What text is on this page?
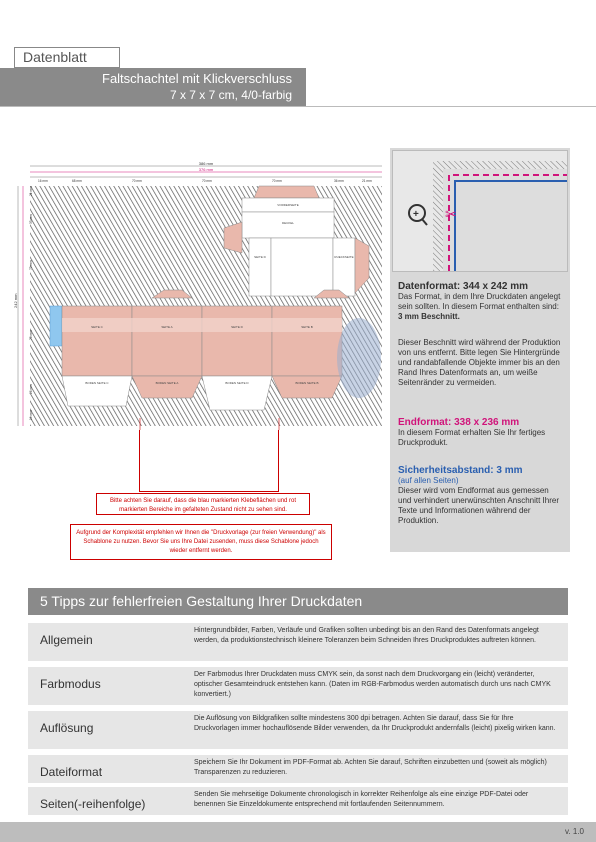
Datenblatt
Faltschachtel mit Klickverschluss
7 x 7 x 7 cm, 4/0-farbig
386 mm
376 mm
16 mm	68 mm	70 mm	70 mm	70 mm	36 mm	21 mm
21 mm
33 mm
73 mm
70 mm
26 mm
19 mm
242 mm
VORDERSEITE
DECKEL
SEITE D	RUECKSEITE
SEITE C	SEITE A	SEITE D	SEITE B
BODEN SEITE C	BODEN SEITE A	BODEN SEITE D	BODEN SEITE B
Bitte achten Sie darauf, dass die blau markierten Klebeflächen und rot markierten Bereiche im gefalteten Zustand nicht zu sehen sind.
Aufgrund der Komplexität empfehlen wir Ihnen die "Druckvorlage (zur freien Verwendung)" als Schablone zu nutzen. Bevor Sie uns Ihre Datei zusenden, muss diese Schablone jedoch wieder entfernt werden.
+ ✂
Datenformat: 344 x 242 mm
Das Format, in dem Ihre Druckdaten angelegt sein sollten. In diesem Format enthalten sind: 3 mm Beschnitt.
Dieser Beschnitt wird während der Produktion von uns entfernt. Bitte legen Sie Hintergründe und randabfallende Objekte immer bis an den Rand Ihres Datenformats an, um weiße Seitenränder zu vermeiden.
Endformat: 338 x 236 mm
In diesem Format erhalten Sie Ihr fertiges Druckprodukt.
Sicherheitsabstand: 3 mm
(auf allen Seiten)
Dieser wird vom Endformat aus gemessen und verhindert unerwünschten Anschnitt Ihrer Texte und Informationen während der Produktion.
5 Tipps zur fehlerfreien Gestaltung Ihrer Druckdaten
Allgemein
Hintergrundbilder, Farben, Verläufe und Grafiken sollten unbedingt bis an den Rand des Datenformats angelegt werden, da produktionstechnisch kleinere Toleranzen beim Schneiden Ihres Druckproduktes auftreten können.
Farbmodus
Der Farbmodus Ihrer Druckdaten muss CMYK sein, da sonst nach dem Druckvorgang ein (leicht) veränderter, optischer Gesamteindruck entstehen kann. (Daten im RGB-Farbmodus werden automatisch durch uns nach CMYK konvertiert.)
Auflösung
Die Auflösung von Bildgrafiken sollte mindestens 300 dpi betragen. Achten Sie darauf, dass Sie für Ihre Druckvorlagen immer hochauflösende Bilder verwenden, da Ihr Druckprodukt andernfalls (leicht) pixelig wirken kann.
Dateiformat
Speichern Sie Ihr Dokument im PDF-Format ab. Achten Sie darauf, Schriften einzubetten und (soweit als möglich) Transparenzen zu reduzieren.
Seiten(-reihenfolge)
Senden Sie mehrseitige Dokumente chronologisch in korrekter Reihenfolge als eine einzige PDF-Datei oder benennen Sie Einzeldokumente entsprechend mit fortlaufenden Seitennummern.
v. 1.0
